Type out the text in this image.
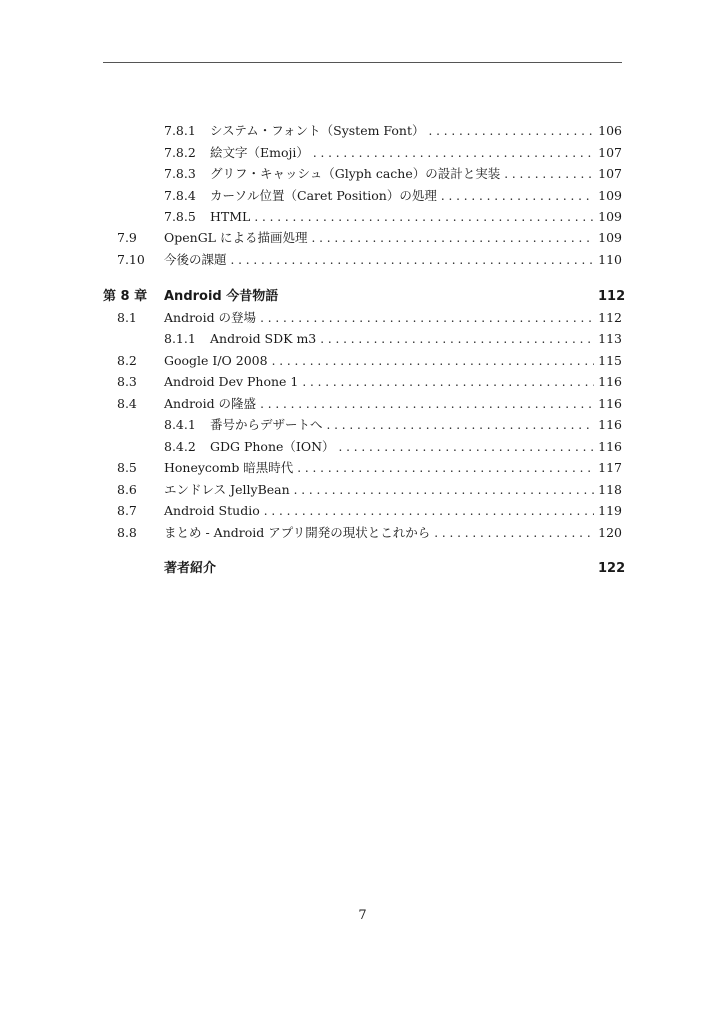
7.8.1	システム・フォント（System Font） . . .	106
7.8.2	絵文字（Emoji） . . .	107
7.8.3	グリフ・キャッシュ（Glyph cache）の設計と実装 . . .	107
7.8.4	カーソル位置（Caret Position）の処理 . . .	109
7.8.5	HTML . . .	109
7.9	OpenGL による描画処理 . . .	109
7.10	今後の課題 . . .	110
第 8 章	Android 今昔物語	112
8.1	Android の登場 . . .	112
8.1.1	Android SDK m3 . . .	113
8.2	Google I/O 2008 . . .	115
8.3	Android Dev Phone 1 . . .	116
8.4	Android の隆盛 . . .	116
8.4.1	番号からデザートへ . . .	116
8.4.2	GDG Phone（ION） . . .	116
8.5	Honeycomb 暗黒時代 . . .	117
8.6	エンドレス JellyBean . . .	118
8.7	Android Studio . . .	119
8.8	まとめ - Android アプリ開発の現状とこれから . . .	120
著者紹介	122
7
